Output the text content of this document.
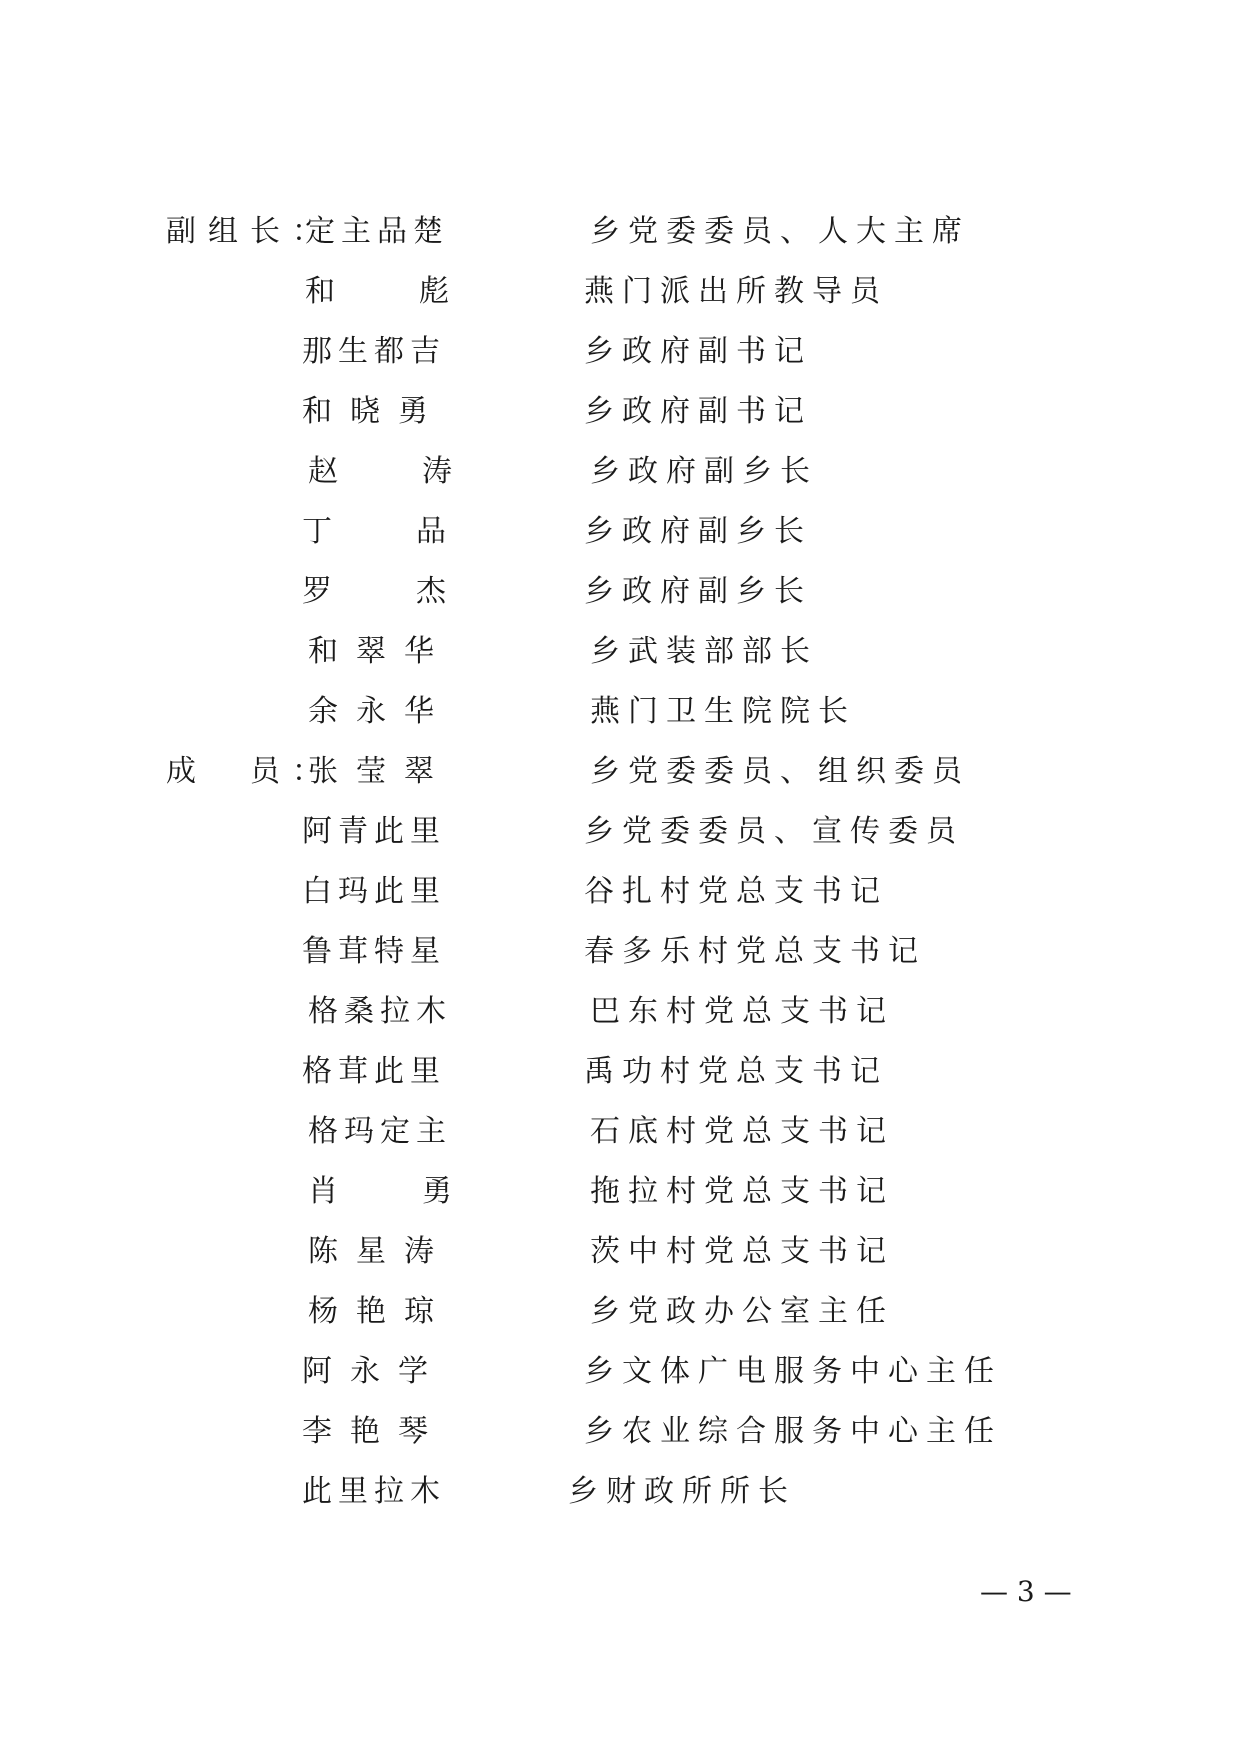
副组长：
定主品楚	乡党委委员、人大主席
和彪 燕门派出所教导员
那生都吉	乡政府副书记
和晓勇	乡政府副书记
赵涛 乡政府副乡长
丁品 乡政府副乡长
罗杰 乡政府副乡长
和翠华	乡武装部部长
余永华	燕门卫生院院长
成　员：
张莹翠	乡党委委员、组织委员
阿青此里	乡党委委员、宣传委员
白玛此里	谷扎村党总支书记
鲁茸特星	春多乐村党总支书记
格桑拉木	巴东村党总支书记
格茸此里	禹功村党总支书记
格玛定主	石底村党总支书记
肖勇 拖拉村党总支书记
陈星涛	茨中村党总支书记
杨艳琼	乡党政办公室主任
阿永学	乡文体广电服务中心主任
李艳琴	乡农业综合服务中心主任
此里拉木	乡财政所所长
— 3 —
